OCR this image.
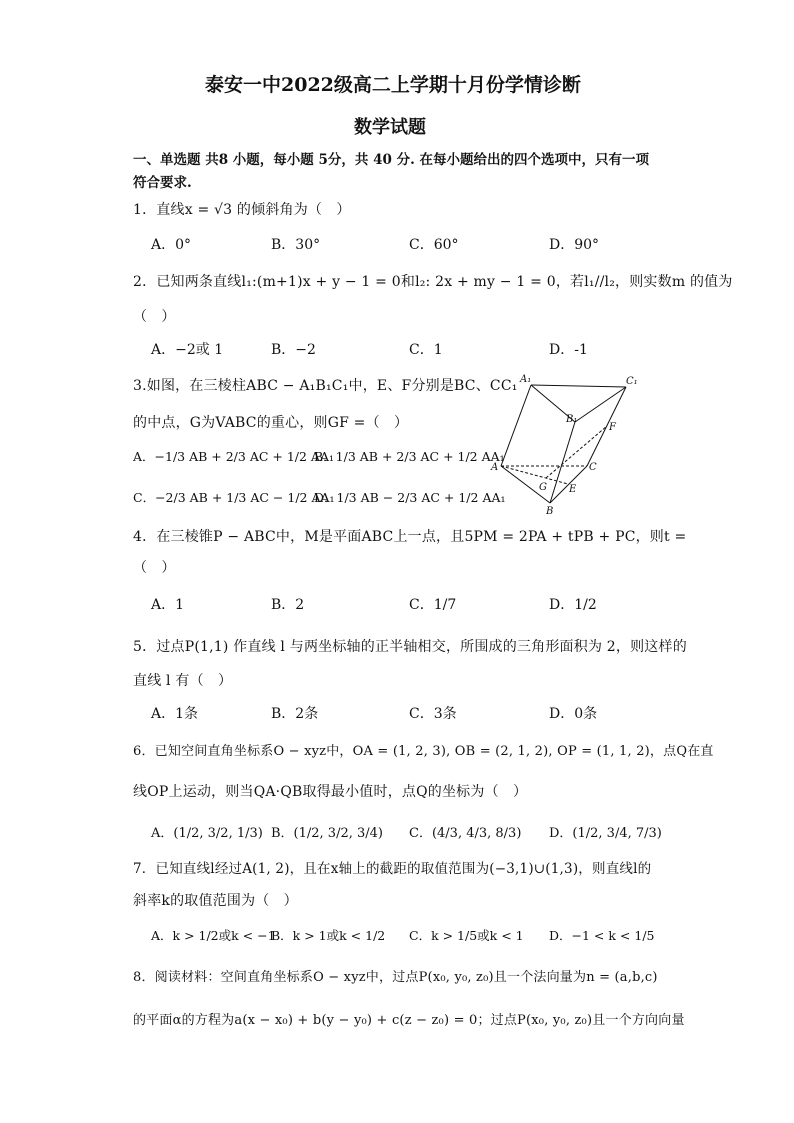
泰安一中2022级高二上学期十月份学情诊断
数学试题
一、单选题 共8 小题，每小题 5分，共 40 分. 在每小题给出的四个选项中，只有一项
符合要求.
1．直线x = √3 的倾斜角为（　）
A．0°	B．30°	C．60°	D．90°
2．已知两条直线l₁:(m+1)x + y − 1 = 0和l₂: 2x + my − 1 = 0，若l₁//l₂，则实数m 的值为
（　）
A．−2或 1	B．−2	C．1	D．-1
3.如图，在三棱柱ABC − A₁B₁C₁中，E、F分别是BC、CC₁
的中点，G为VABC的重心，则GF =（　）
A．−1/3 AB + 2/3 AC + 1/2 AA₁
B．1/3 AB + 2/3 AC + 1/2 AA₁
C．−2/3 AB + 1/3 AC − 1/2 AA₁
D．1/3 AB − 2/3 AC + 1/2 AA₁
A₁	C₁
B₁
F
A	C
G E
B
4．在三棱锥P − ABC中，M是平面ABC上一点，且5PM = 2PA + tPB + PC，则t =
（　）
A．1	B．2	C．1/7	D．1/2
5．过点P(1,1) 作直线 l 与两坐标轴的正半轴相交，所围成的三角形面积为 2，则这样的
直线 l 有（　）
A．1条	B．2条	C．3条	D．0条
6．已知空间直角坐标系O − xyz中，OA = (1, 2, 3), OB = (2, 1, 2), OP = (1, 1, 2)，点Q在直
线OP上运动，则当QA·QB取得最小值时，点Q的坐标为（　）
A．(1/2, 3/2, 1/3) B．(1/2, 3/2, 3/4) C．(4/3, 4/3, 8/3) D．(1/2, 3/4, 7/3)
7．已知直线l经过A(1, 2)，且在x轴上的截距的取值范围为(−3,1)∪(1,3)，则直线l的
斜率k的取值范围为（　）
A．k > 1/2或k < −1
B．k > 1或k < 1/2 C．k > 1/5或k < 1 D．−1 < k < 1/5
8．阅读材料：空间直角坐标系O − xyz中，过点P(x₀, y₀, z₀)且一个法向量为n = (a,b,c)
的平面α的方程为a(x − x₀) + b(y − y₀) + c(z − z₀) = 0；过点P(x₀, y₀, z₀)且一个方向向量
